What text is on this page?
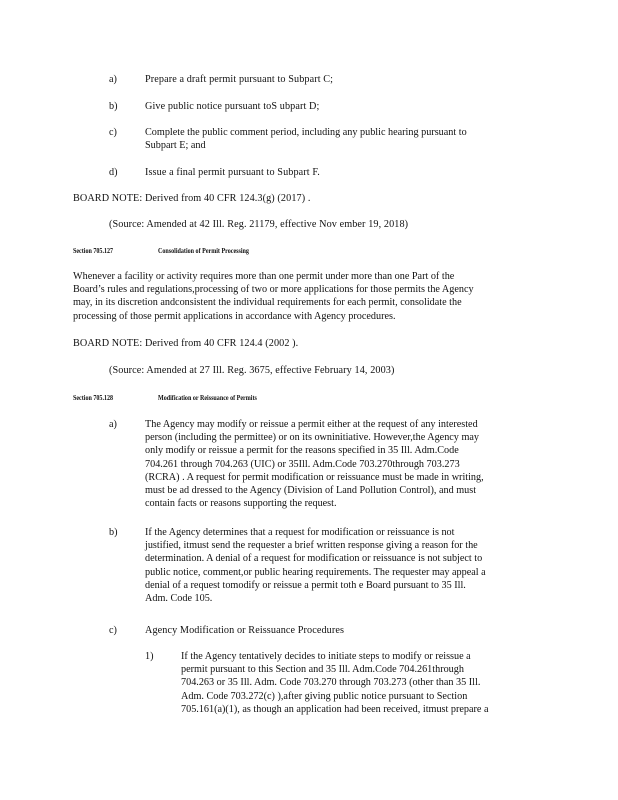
a)	Prepare a draft permit pursuant to Subpart C;
b)	Give public notice pursuant toS ubpart D;
c)	Complete the public comment period, including any public hearing pursuant to
Subpart E; and
d)	Issue a final permit pursuant to Subpart F.
BOARD NOTE: Derived from 40 CFR 124.3(g) (2017) .
(Source: Amended at 42 Ill. Reg. 21179, effective Nov ember 19, 2018)
Section 705.127	Consolidation of Permit Processing
Whenever a facility or activity requires more than one permit under more than one Part of the
Board’s rules and regulations,processing of two or more applications for those permits the Agency
may, in its discretion andconsistent the individual requirements for each permit, consolidate the
processing of those permit applications in accordance with Agency procedures.
BOARD NOTE: Derived from 40 CFR 124.4 (2002 ).
(Source: Amended at 27 Ill. Reg. 3675, effective February 14, 2003)
Section 705.128	Modification or Reissuance of Permits
a)	The Agency may modify or reissue a permit either at the request of any interested
person (including the permittee) or on its owninitiative. However,the Agency may
only modify or reissue a permit for the reasons specified in 35 Ill. Adm.Code
704.261 through 704.263 (UIC) or 35Ill. Adm.Code 703.270through 703.273
(RCRA) . A request for permit modification or reissuance must be made in writing,
must be ad dressed to the Agency (Division of Land Pollution Control), and must
contain facts or reasons supporting the request.
b)	If the Agency determines that a request for modification or reissuance is not
justified, itmust send the requester a brief written response giving a reason for the
determination. A denial of a request for modification or reissuance is not subject to
public notice, comment,or public hearing requirements. The requester may appeal a
denial of a request tomodify or reissue a permit toth e Board pursuant to 35 Ill.
Adm. Code 105.
c)	Agency Modification or Reissuance Procedures
1)	If the Agency tentatively decides to initiate steps to modify or reissue a
permit pursuant to this Section and 35 Ill. Adm.Code 704.261through
704.263 or 35 Ill. Adm. Code 703.270 through 703.273 (other than 35 Ill.
Adm. Code 703.272(c) ),after giving public notice pursuant to Section
705.161(a)(1), as though an application had been received, itmust prepare a
